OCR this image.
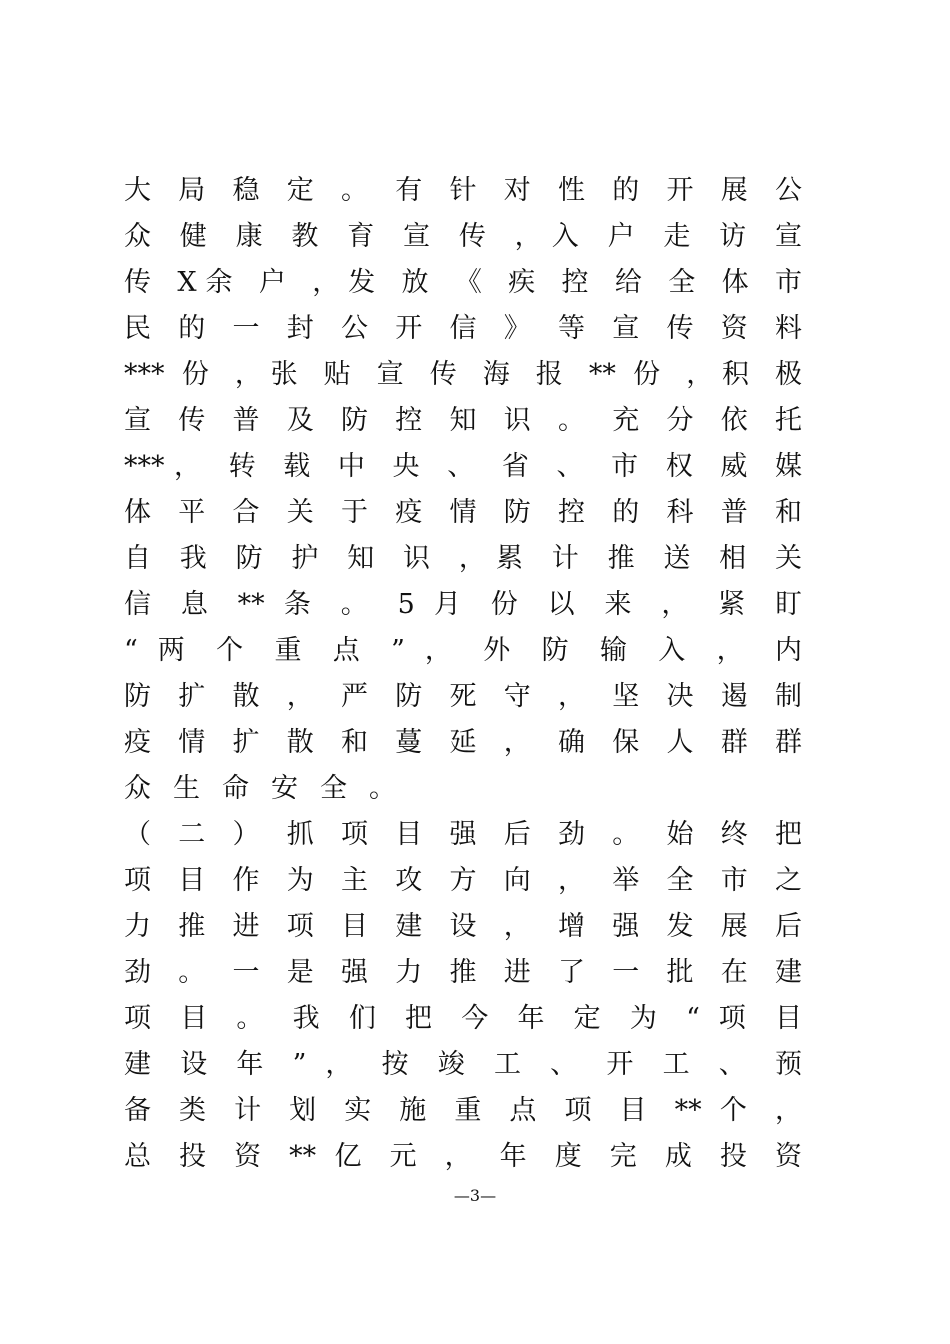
大 局 稳 定 。 有 针 对 性 的 开 展 公
众 健 康 教 育 宣 传 ，入 户 走 访 宣
传 X余 户 ，发 放 《 疾 控 给 全 体 市
民 的 一 封 公 开 信 》 等 宣 传 资 料
*** 份 ，张 贴 宣 传 海 报 ** 份 ，积 极
宣 传 普 及 防 控 知 识 。 充 分 依 托
***， 转 载 中 央 、 省 、 市 权 威 媒
体 平 合 关 于 疫 情 防 控 的 科 普 和
自 我 防 护 知 识 ，累 计 推 送 相 关
信 息 ** 条 。 5 月 份 以 来 ， 紧 盯
“ 两 个 重 点 ” ， 外 防 输 入 ， 内
防 扩 散 ， 严 防 死 守 ， 坚 决 遏 制
疫 情 扩 散 和 蔓 延 ， 确 保 人 群 群
众生命安全。
（ 二 ） 抓 项 目 强 后 劲 。 始 终 把
项 目 作 为 主 攻 方 向 ， 举 全 市 之
力 推 进 项 目 建 设 ， 增 强 发 展 后
劲 。 一 是 强 力 推 进 了 一 批 在 建
项 目 。 我 们 把 今 年 定 为 “ 项 目
建 设 年 ” ， 按 竣 工 、 开 工 、 预
备 类 计 划 实 施 重 点 项 目 ** 个 ，
总 投 资 ** 亿 元 ， 年 度 完 成 投 资
—3—
